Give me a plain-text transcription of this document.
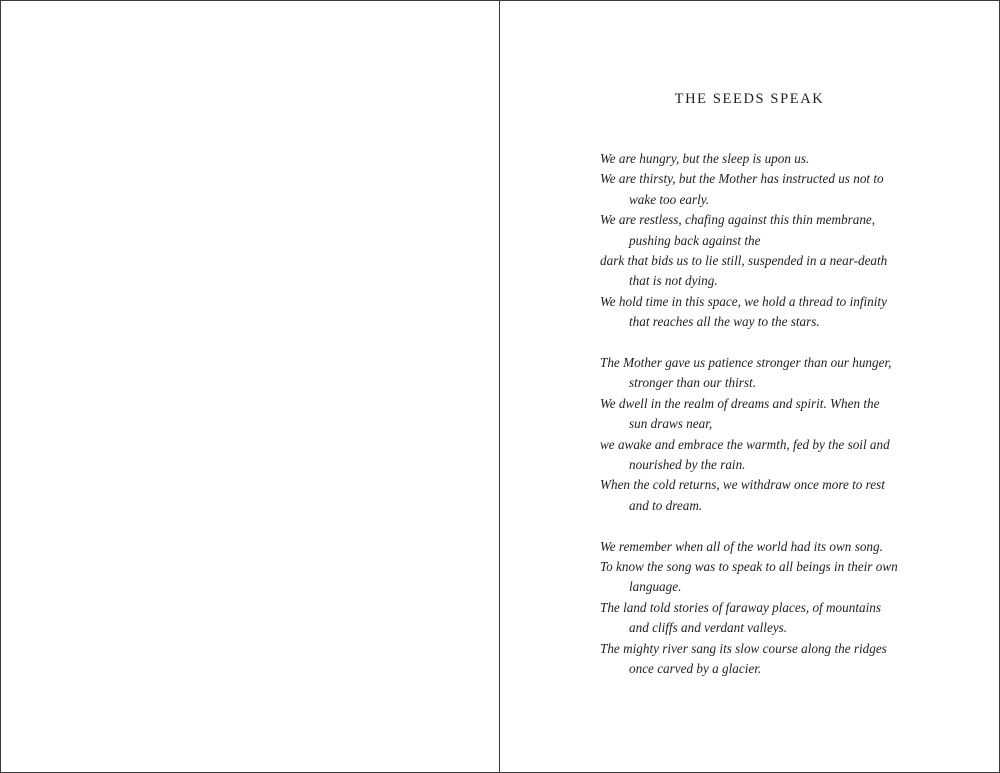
THE SEEDS SPEAK
We are hungry, but the sleep is upon us.
We are thirsty, but the Mother has instructed us not to
wake too early.
We are restless, chafing against this thin membrane,
pushing back against the
dark that bids us to lie still, suspended in a near-death
that is not dying.
We hold time in this space, we hold a thread to infinity
that reaches all the way to the stars.
The Mother gave us patience stronger than our hunger,
stronger than our thirst.
We dwell in the realm of dreams and spirit. When the
sun draws near,
we awake and embrace the warmth, fed by the soil and
nourished by the rain.
When the cold returns, we withdraw once more to rest
and to dream.
We remember when all of the world had its own song.
To know the song was to speak to all beings in their own
language.
The land told stories of faraway places, of mountains
and cliffs and verdant valleys.
The mighty river sang its slow course along the ridges
once carved by a glacier.
